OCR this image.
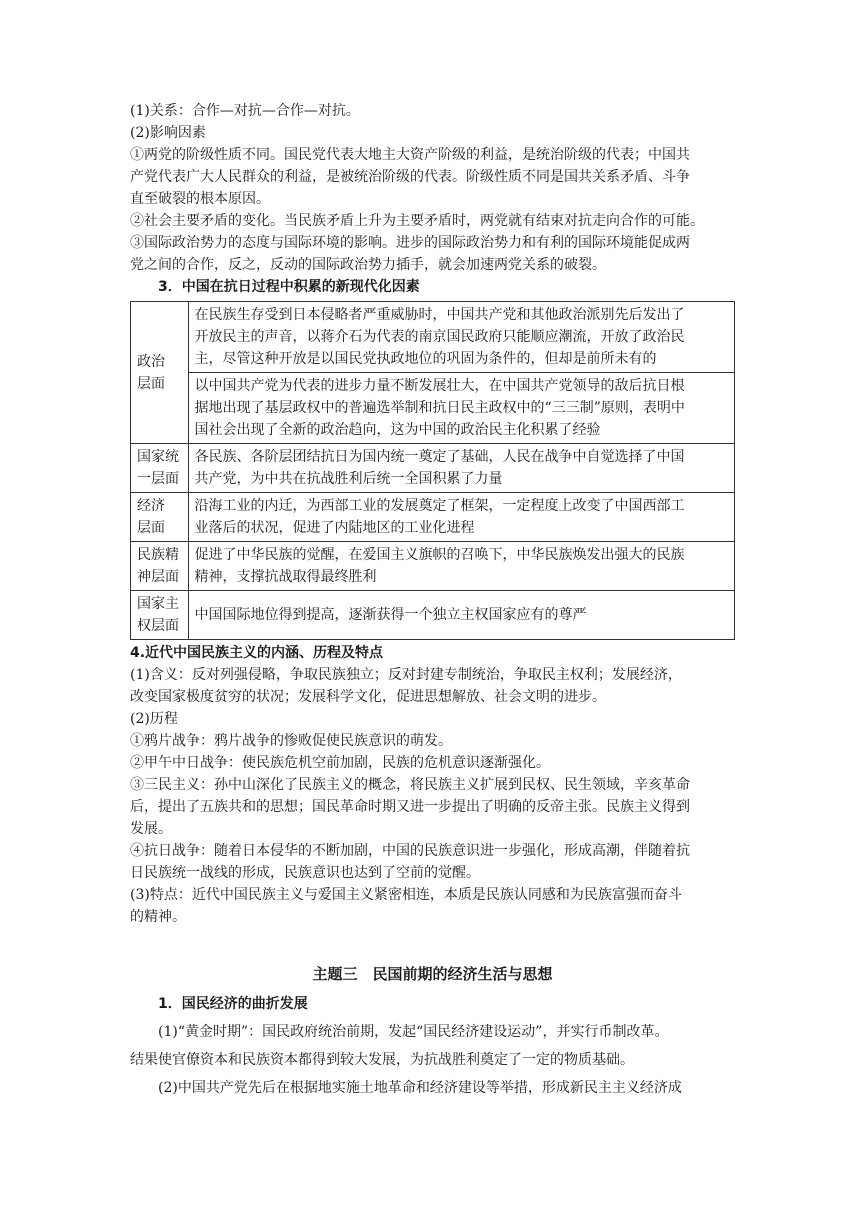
(1)关系：合作—对抗—合作—对抗。
(2)影响因素
①两党的阶级性质不同。国民党代表大地主大资产阶级的利益，是统治阶级的代表；中国共
产党代表广大人民群众的利益，是被统治阶级的代表。阶级性质不同是国共关系矛盾、斗争
直至破裂的根本原因。
②社会主要矛盾的变化。当民族矛盾上升为主要矛盾时，两党就有结束对抗走向合作的可能。
③国际政治势力的态度与国际环境的影响。进步的国际政治势力和有利的国际环境能促成两
党之间的合作，反之，反动的国际政治势力插手，就会加速两党关系的破裂。
3．中国在抗日过程中积累的新现代化因素
政治
层面	在民族生存受到日本侵略者严重威胁时，中国共产党和其他政治派别先后发出了
开放民主的声音，以蒋介石为代表的南京国民政府只能顺应潮流，开放了政治民
主，尽管这种开放是以国民党执政地位的巩固为条件的，但却是前所未有的

	以中国共产党为代表的进步力量不断发展壮大，在中国共产党领导的敌后抗日根
据地出现了基层政权中的普遍选举制和抗日民主政权中的“三三制”原则，表明中
国社会出现了全新的政治趋向，这为中国的政治民主化积累了经验

国家统
一层面	各民族、各阶层团结抗日为国内统一奠定了基础，人民在战争中自觉选择了中国
共产党，为中共在抗战胜利后统一全国积累了力量

经济
层面	沿海工业的内迁，为西部工业的发展奠定了框架，一定程度上改变了中国西部工
业落后的状况，促进了内陆地区的工业化进程

民族精
神层面	促进了中华民族的觉醒，在爱国主义旗帜的召唤下，中华民族焕发出强大的民族
精神，支撑抗战取得最终胜利

国家主
权层面	中国国际地位得到提高，逐渐获得一个独立主权国家应有的尊严
4.近代中国民族主义的内涵、历程及特点
(1)含义：反对列强侵略，争取民族独立；反对封建专制统治，争取民主权利；发展经济，
改变国家极度贫穷的状况；发展科学文化，促进思想解放、社会文明的进步。
(2)历程
①鸦片战争：鸦片战争的惨败促使民族意识的萌发。
②甲午中日战争：使民族危机空前加剧，民族的危机意识逐渐强化。
③三民主义：孙中山深化了民族主义的概念，将民族主义扩展到民权、民生领域，辛亥革命
后，提出了五族共和的思想；国民革命时期又进一步提出了明确的反帝主张。民族主义得到
发展。
④抗日战争：随着日本侵华的不断加剧，中国的民族意识进一步强化，形成高潮，伴随着抗
日民族统一战线的形成，民族意识也达到了空前的觉醒。
(3)特点：近代中国民族主义与爱国主义紧密相连，本质是民族认同感和为民族富强而奋斗
的精神。
主题三　民国前期的经济生活与思想
1．国民经济的曲折发展
(1)“黄金时期”：国民政府统治前期，发起“国民经济建设运动”，并实行币制改革。
结果使官僚资本和民族资本都得到较大发展，为抗战胜利奠定了一定的物质基础。
(2)中国共产党先后在根据地实施土地革命和经济建设等举措，形成新民主主义经济成
